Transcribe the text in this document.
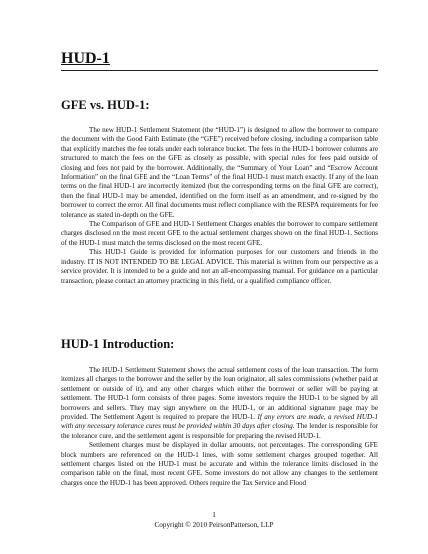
HUD-1
GFE vs. HUD-1:

The new HUD-1 Settlement Statement (the “HUD-1”) is designed to allow the borrower to compare the document with the Good Faith Estimate (the “GFE”) received before closing, including a comparison table that explicitly matches the fee totals under each tolerance bucket. The fees in the HUD-1 borrower columns are structured to match the fees on the GFE as closely as possible, with special rules for fees paid outside of closing and fees not paid by the borrower. Additionally, the “Summary of Your Loan” and “Escrow Account Information” on the final GFE and the “Loan Terms” of the final HUD-1 must match exactly. If any of the loan terms on the final HUD-1 are incorrectly itemized (but the corresponding terms on the final GFE are correct), then the final HUD-1 may be amended, identified on the form itself as an amendment, and re-signed by the borrower to correct the error. All final documents must reflect compliance with the RESPA requirements for fee tolerance as stated in-depth on the GFE.

The Comparison of GFE and HUD-1 Settlement Charges enables the borrower to compare settlement charges disclosed on the most recent GFE to the actual settlement charges shown on the final HUD-1. Sections of the HUD-1 must match the terms disclosed on the most recent GFE.

This HUD-1 Guide is provided for information purposes for our customers and friends in the industry. IT IS NOT INTENDED TO BE LEGAL ADVICE. This material is written from our perspective as a service provider. It is intended to be a guide and not an all-encompassing manual. For guidance on a particular transaction, please contact an attorney practicing in this field, or a qualified compliance officer.

HUD-1 Introduction:

The HUD-1 Settlement Statement shows the actual settlement costs of the loan transaction. The form itemizes all charges to the borrower and the seller by the loan originator, all sales commissions (whether paid at settlement or outside of it), and any other charges which either the borrower or seller will be paying at settlement. The HUD-1 form consists of three pages. Some investors require the HUD-1 to be signed by all borrowers and sellers. They may sign anywhere on the HUD-1, or an additional signature page may be provided. The Settlement Agent is required to prepare the HUD-1. If any errors are made, a revised HUD-1 with any necessary tolerance cures must be provided within 30 days after closing. The lender is responsible for the tolerance cure, and the settlement agent is responsible for preparing the revised HUD-1.

Settlement charges must be displayed in dollar amounts, not percentages. The corresponding GFE block numbers are referenced on the HUD-1 lines, with some settlement charges grouped together. All settlement charges listed on the HUD-1 must be accurate and within the tolerance limits disclosed in the comparison table on the final, most recent GFE. Some investors do not allow any changes to the settlement charges once the HUD-1 has been approved. Others require the Tax Service and Flood

1
Copyright © 2010 PeirsonPatterson, LLP
